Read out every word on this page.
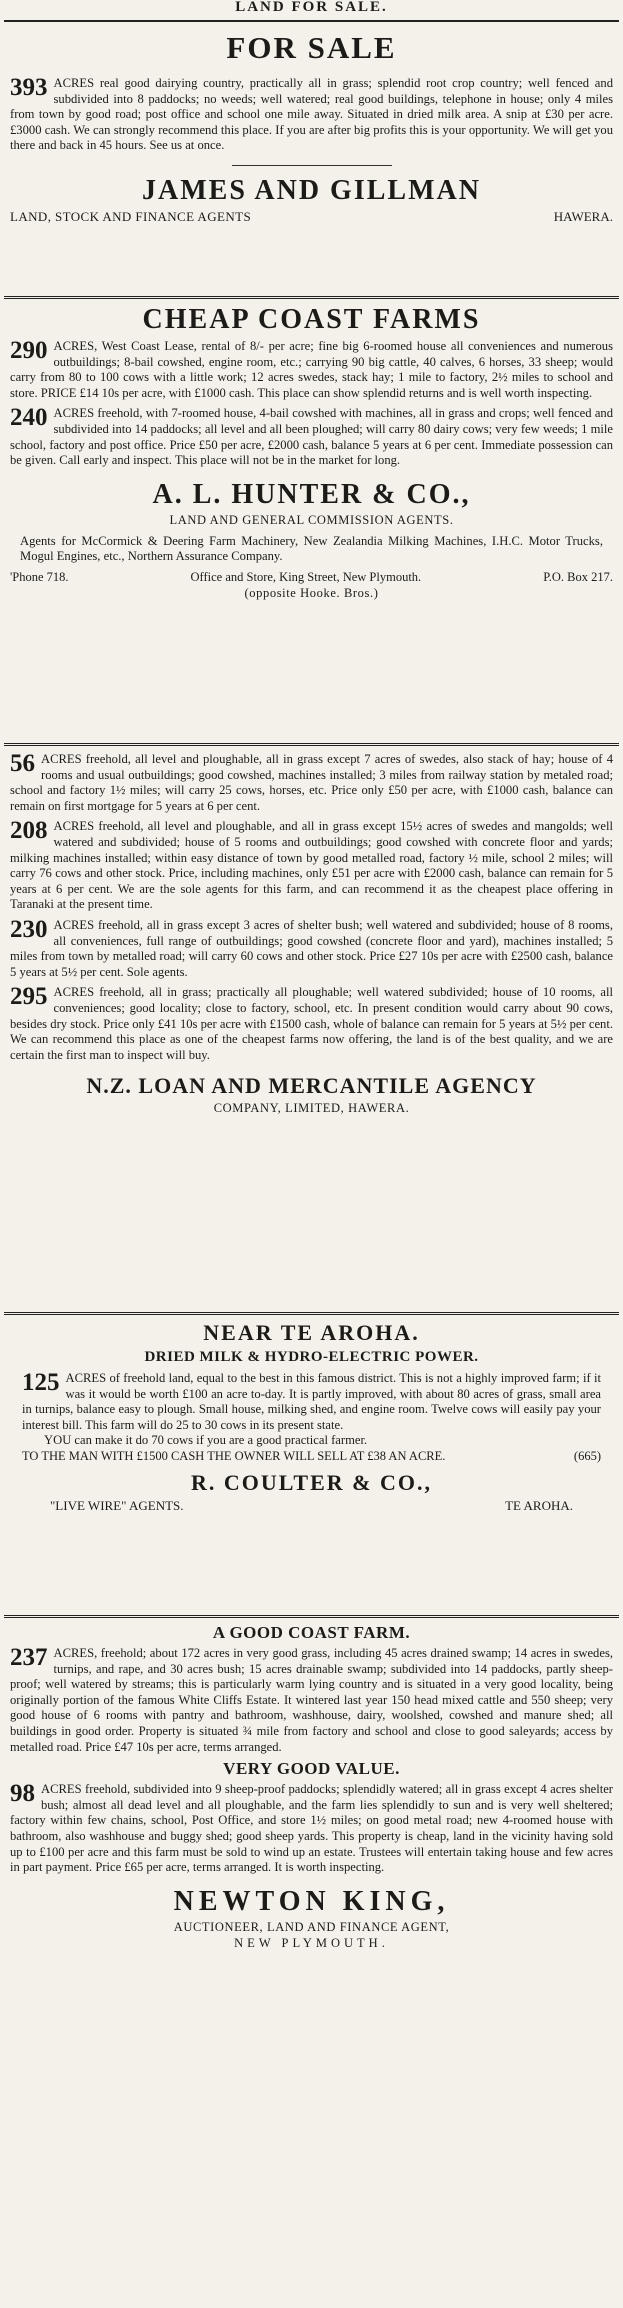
LAND FOR SALE.

FOR SALE

393 ACRES real good dairying country, practically all in grass; splendid root crop country; well fenced and subdivided into 8 paddocks; no weeds; well watered; real good buildings, telephone in house; only 4 miles from town by good road; post office and school one mile away. Situated in dried milk area. A snip at £30 per acre. £3000 cash. We can strongly recommend this place. If you are after big profits this is your opportunity. We will get you there and back in 45 hours. See us at once.

JAMES AND GILLMAN

LAND, STOCK AND FINANCE AGENTS	HAWERA.

CHEAP COAST FARMS

290 ACRES, West Coast Lease, rental of 8/- per acre; fine big 6-roomed house all conveniences and numerous outbuildings; 8-bail cowshed, engine room, etc.; carrying 90 big cattle, 40 calves, 6 horses, 33 sheep; would carry from 80 to 100 cows with a little work; 12 acres swedes, stack hay; 1 mile to factory, 2½ miles to school and store. PRICE £14 10s per acre, with £1000 cash. This place can show splendid returns and is well worth inspecting.
240 ACRES freehold, with 7-roomed house, 4-bail cowshed with machines, all in grass and crops; well fenced and subdivided into 14 paddocks; all level and all been ploughed; will carry 80 dairy cows; very few weeds; 1 mile school, factory and post office. Price £50 per acre, £2000 cash, balance 5 years at 6 per cent. Immediate possession can be given. Call early and inspect. This place will not be in the market for long.

A. L. HUNTER & CO.,

LAND AND GENERAL COMMISSION AGENTS.

Agents for McCormick & Deering Farm Machinery, New Zealandia Milking Machines, I.H.C. Motor Trucks, Mogul Engines, etc., Northern Assurance Company.

'Phone 718.	Office and Store, King Street, New Plymouth.	P.O. Box 217.

(opposite Hooke. Bros.)

56 ACRES freehold, all level and ploughable, all in grass except 7 acres of swedes, also stack of hay; house of 4 rooms and usual outbuildings; good cowshed, machines installed; 3 miles from railway station by metaled road; school and factory 1½ miles; will carry 25 cows, horses, etc. Price only £50 per acre, with £1000 cash, balance can remain on first mortgage for 5 years at 6 per cent.
208 ACRES freehold, all level and ploughable, and all in grass except 15½ acres of swedes and mangolds; well watered and subdivided; house of 5 rooms and outbuildings; good cowshed with concrete floor and yards; milking machines installed; within easy distance of town by good metalled road, factory ½ mile, school 2 miles; will carry 76 cows and other stock. Price, including machines, only £51 per acre with £2000 cash, balance can remain for 5 years at 6 per cent. We are the sole agents for this farm, and can recommend it as the cheapest place offering in Taranaki at the present time.
230 ACRES freehold, all in grass except 3 acres of shelter bush; well watered and subdivided; house of 8 rooms, all conveniences, full range of outbuildings; good cowshed (concrete floor and yard), machines installed; 5 miles from town by metalled road; will carry 60 cows and other stock. Price £27 10s per acre with £2500 cash, balance 5 years at 5½ per cent. Sole agents.
295 ACRES freehold, all in grass; practically all ploughable; well watered subdivided; house of 10 rooms, all conveniences; good locality; close to factory, school, etc. In present condition would carry about 90 cows, besides dry stock. Price only £41 10s per acre with £1500 cash, whole of balance can remain for 5 years at 5½ per cent. We can recommend this place as one of the cheapest farms now offering, the land is of the best quality, and we are certain the first man to inspect will buy.

N.Z. LOAN AND MERCANTILE AGENCY

COMPANY, LIMITED, HAWERA.

NEAR TE AROHA.

DRIED MILK & HYDRO-ELECTRIC POWER.

125 ACRES of freehold land, equal to the best in this famous district. This is not a highly improved farm; if it was it would be worth £100 an acre to-day. It is partly improved, with about 80 acres of grass, small area in turnips, balance easy to plough. Small house, milking shed, and engine room. Twelve cows will easily pay your interest bill. This farm will do 25 to 30 cows in its present state.

YOU can make it do 70 cows if you are a good practical farmer.

TO THE MAN WITH £1500 CASH THE OWNER WILL SELL AT £38 AN ACRE.	(665)

R. COULTER & CO.,

"LIVE WIRE" AGENTS.	TE AROHA.

A GOOD COAST FARM.

237 ACRES, freehold; about 172 acres in very good grass, including 45 acres drained swamp; 14 acres in swedes, turnips, and rape, and 30 acres bush; 15 acres drainable swamp; subdivided into 14 paddocks, partly sheep-proof; well watered by streams; this is particularly warm lying country and is situated in a very good locality, being originally portion of the famous White Cliffs Estate. It wintered last year 150 head mixed cattle and 550 sheep; very good house of 6 rooms with pantry and bathroom, washhouse, dairy, woolshed, cowshed and manure shed; all buildings in good order. Property is situated ¾ mile from factory and school and close to good saleyards; access by metalled road. Price £47 10s per acre, terms arranged.

VERY GOOD VALUE.

98 ACRES freehold, subdivided into 9 sheep-proof paddocks; splendidly watered; all in grass except 4 acres shelter bush; almost all dead level and all ploughable, and the farm lies splendidly to sun and is very well sheltered; factory within few chains, school, Post Office, and store 1½ miles; on good metal road; new 4-roomed house with bathroom, also washhouse and buggy shed; good sheep yards. This property is cheap, land in the vicinity having sold up to £100 per acre and this farm must be sold to wind up an estate. Trustees will entertain taking house and few acres in part payment. Price £65 per acre, terms arranged. It is worth inspecting.

NEWTON KING,

AUCTIONEER, LAND AND FINANCE AGENT,

NEW PLYMOUTH.
